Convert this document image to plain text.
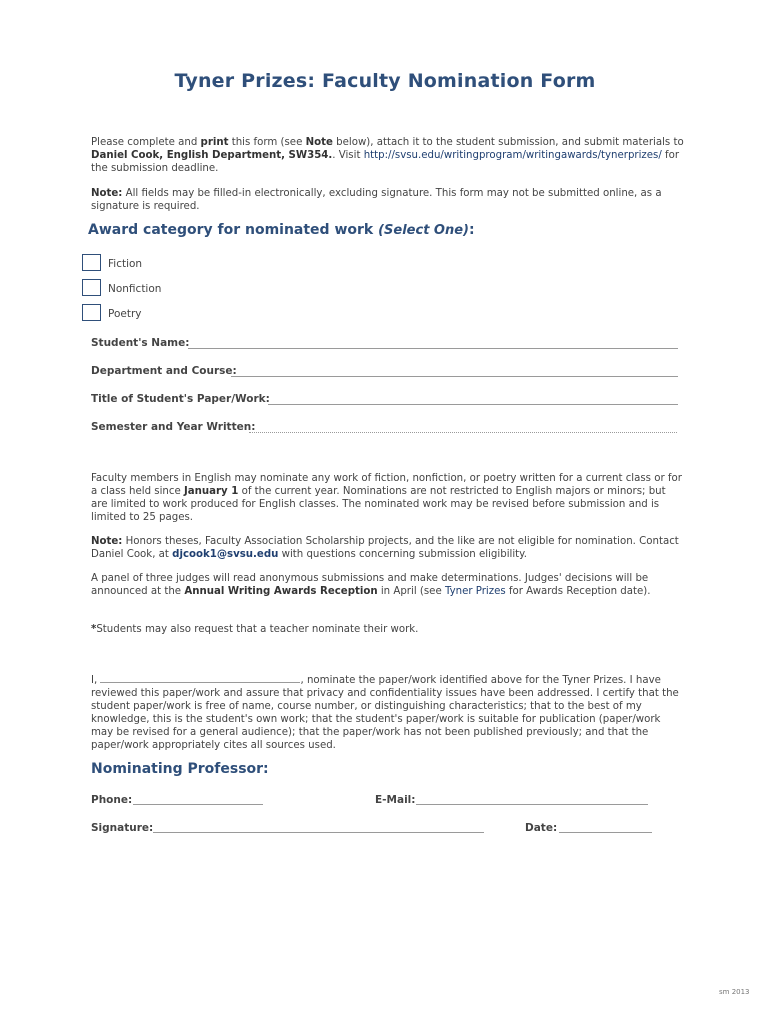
Tyner Prizes: Faculty Nomination Form
Please complete and print this form (see Note below), attach it to the student submission, and submit materials to
Daniel Cook, English Department, SW354.. Visit http://svsu.edu/writingprogram/writingawards/tynerprizes/ for
the submission deadline.
Note: All fields may be filled-in electronically, excluding signature. This form may not be submitted online, as a
signature is required.
Award category for nominated work (Select One):
Fiction
Nonfiction
Poetry
Student's Name:
Department and Course:
Title of Student's Paper/Work:
Semester and Year Written:
Faculty members in English may nominate any work of fiction, nonfiction, or poetry written for a current class or for
a class held since January 1 of the current year. Nominations are not restricted to English majors or minors; but
are limited to work produced for English classes. The nominated work may be revised before submission and is
limited to 25 pages.
Note: Honors theses, Faculty Association Scholarship projects, and the like are not eligible for nomination. Contact
Daniel Cook, at djcook1@svsu.edu with questions concerning submission eligibility.
A panel of three judges will read anonymous submissions and make determinations. Judges' decisions will be
announced at the Annual Writing Awards Reception in April (see Tyner Prizes for Awards Reception date).
*Students may also request that a teacher nominate their work.
I,	, nominate the paper/work identified above for the Tyner Prizes. I have
reviewed this paper/work and assure that privacy and confidentiality issues have been addressed. I certify that the
student paper/work is free of name, course number, or distinguishing characteristics; that to the best of my
knowledge, this is the student's own work; that the student's paper/work is suitable for publication (paper/work
may be revised for a general audience); that the paper/work has not been published previously; and that the
paper/work appropriately cites all sources used.
Nominating Professor:
Phone:	E-Mail:
Signature:	Date:
sm 2013
